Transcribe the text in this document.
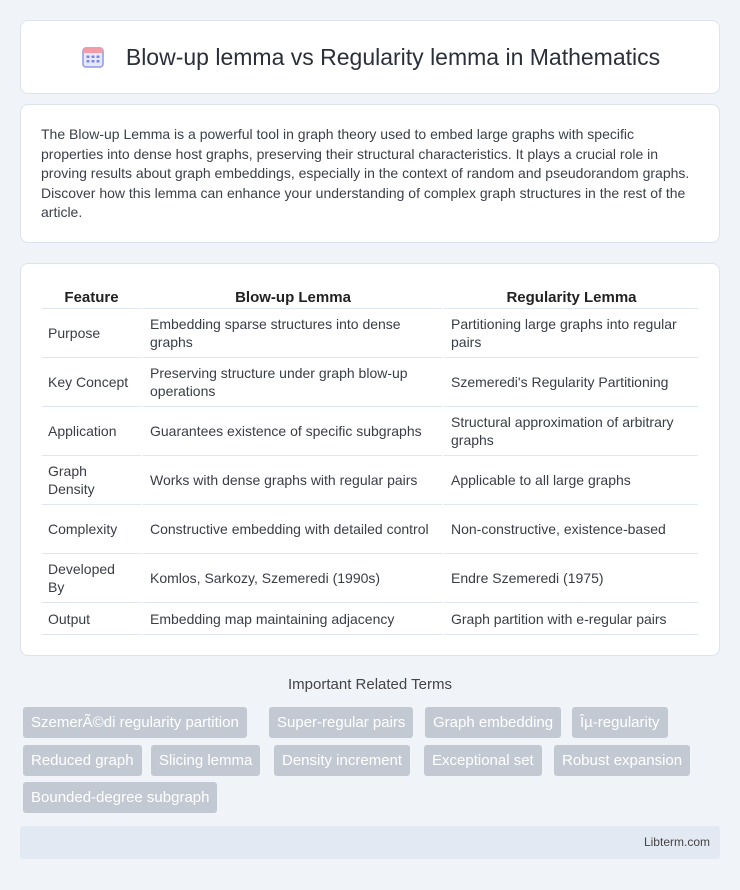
Blow-up lemma vs Regularity lemma in Mathematics

The Blow-up Lemma is a powerful tool in graph theory used to embed large graphs with specific properties into dense host graphs, preserving their structural characteristics. It plays a crucial role in proving results about graph embeddings, especially in the context of random and pseudorandom graphs. Discover how this lemma can enhance your understanding of complex graph structures in the rest of the article.

Feature	Blow-up Lemma	Regularity Lemma
Purpose	Embedding sparse structures into dense graphs	Partitioning large graphs into regular pairs
Key Concept	Preserving structure under graph blow-up operations	Szemeredi's Regularity Partitioning
Application	Guarantees existence of specific subgraphs	Structural approximation of arbitrary graphs
Graph Density	Works with dense graphs with regular pairs	Applicable to all large graphs
Complexity	Constructive embedding with detailed control	Non-constructive, existence-based
Developed By	Komlos, Sarkozy, Szemeredi (1990s)	Endre Szemeredi (1975)
Output	Embedding map maintaining adjacency	Graph partition with e-regular pairs
Important Related Terms
SzemerÃ©di regularity partition	Super-regular pairs	Graph embedding	Îµ-regularity
Reduced graph	Slicing lemma	Density increment	Exceptional set	Robust expansion
Bounded-degree subgraph
Libterm.com
